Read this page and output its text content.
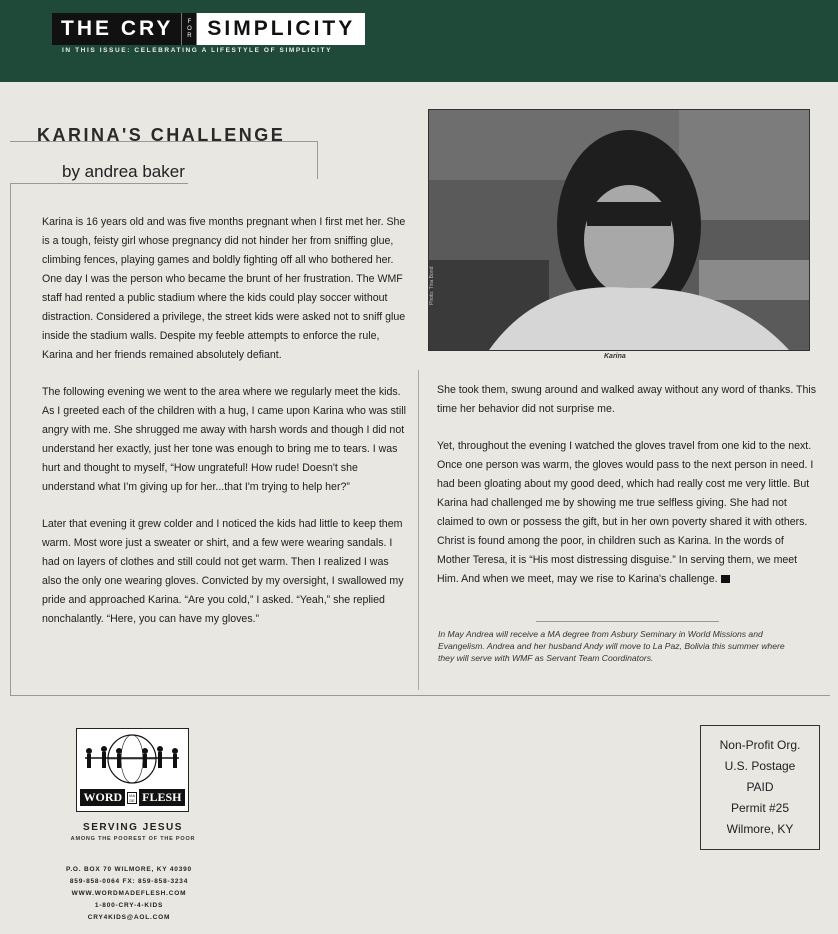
THE CRY	F
O
R SIMPLICITY
IN THIS ISSUE: CELEBRATING A LIFESTYLE OF SIMPLICITY
KARINA'S CHALLENGE
by andrea baker

Karina is 16 years old and was five months pregnant when I first met her. She is a tough, feisty girl whose pregnancy did not hinder her from sniffing glue, climbing fences, playing games and boldly fighting off all who bothered her. One day I was the person who became the brunt of her frustration. The WMF staff had rented a public stadium where the kids could play soccer without distraction. Considered a privilege, the street kids were asked not to sniff glue inside the stadium walls. Despite my feeble attempts to enforce the rule, Karina and her friends remained absolutely defiant.

The following evening we went to the area where we regularly meet the kids. As I greeted each of the children with a hug, I came upon Karina who was still angry with me. She shrugged me away with harsh words and though I did not understand her exactly, just her tone was enough to bring me to tears. I was hurt and thought to myself, “How ungrateful! How rude! Doesn't she understand what I'm giving up for her...that I'm trying to help her?”

Later that evening it grew colder and I noticed the kids had little to keep them warm. Most wore just a sweater or shirt, and a few were wearing sandals. I had on layers of clothes and still could not get warm. Then I realized I was also the only one wearing gloves. Convicted by my oversight, I swallowed my pride and approached Karina. “Are you cold,” I asked. “Yeah,” she replied nonchalantly. “Here, you can have my gloves.”

Photo: Tina Bond
Karina

She took them, swung around and walked away without any word of thanks. This time her behavior did not surprise me.

Yet, throughout the evening I watched the gloves travel from one kid to the next. Once one person was warm, the gloves would pass to the next person in need. I had been gloating about my good deed, which had really cost me very little. But Karina had challenged me by showing me true selfless giving. She had not claimed to own or possess the gift, but in her own poverty shared it with others. Christ is found among the poor, in children such as Karina. In the words of Mother Teresa, it is “His most distressing disguise.” In serving them, we meet Him. And when we meet, may we rise to Karina's challenge.

In May Andrea will receive a MA degree from Asbury Seminary in World Missions and Evangelism. Andrea and her husband Andy will move to La Paz, Bolivia this summer where they will serve with WMF as Servant Team Coordinators.
WORD	MADE FLESH
SERVING JESUS
AMONG THE POOREST OF THE POOR
P.O. BOX 70 WILMORE, KY 40390
859-858-0064 FX: 859-858-3234
WWW.WORDMADEFLESH.COM
1-800-CRY-4-KIDS
CRY4KIDS@AOL.COM
Non-Profit Org.
U.S. Postage
PAID
Permit #25
Wilmore, KY
